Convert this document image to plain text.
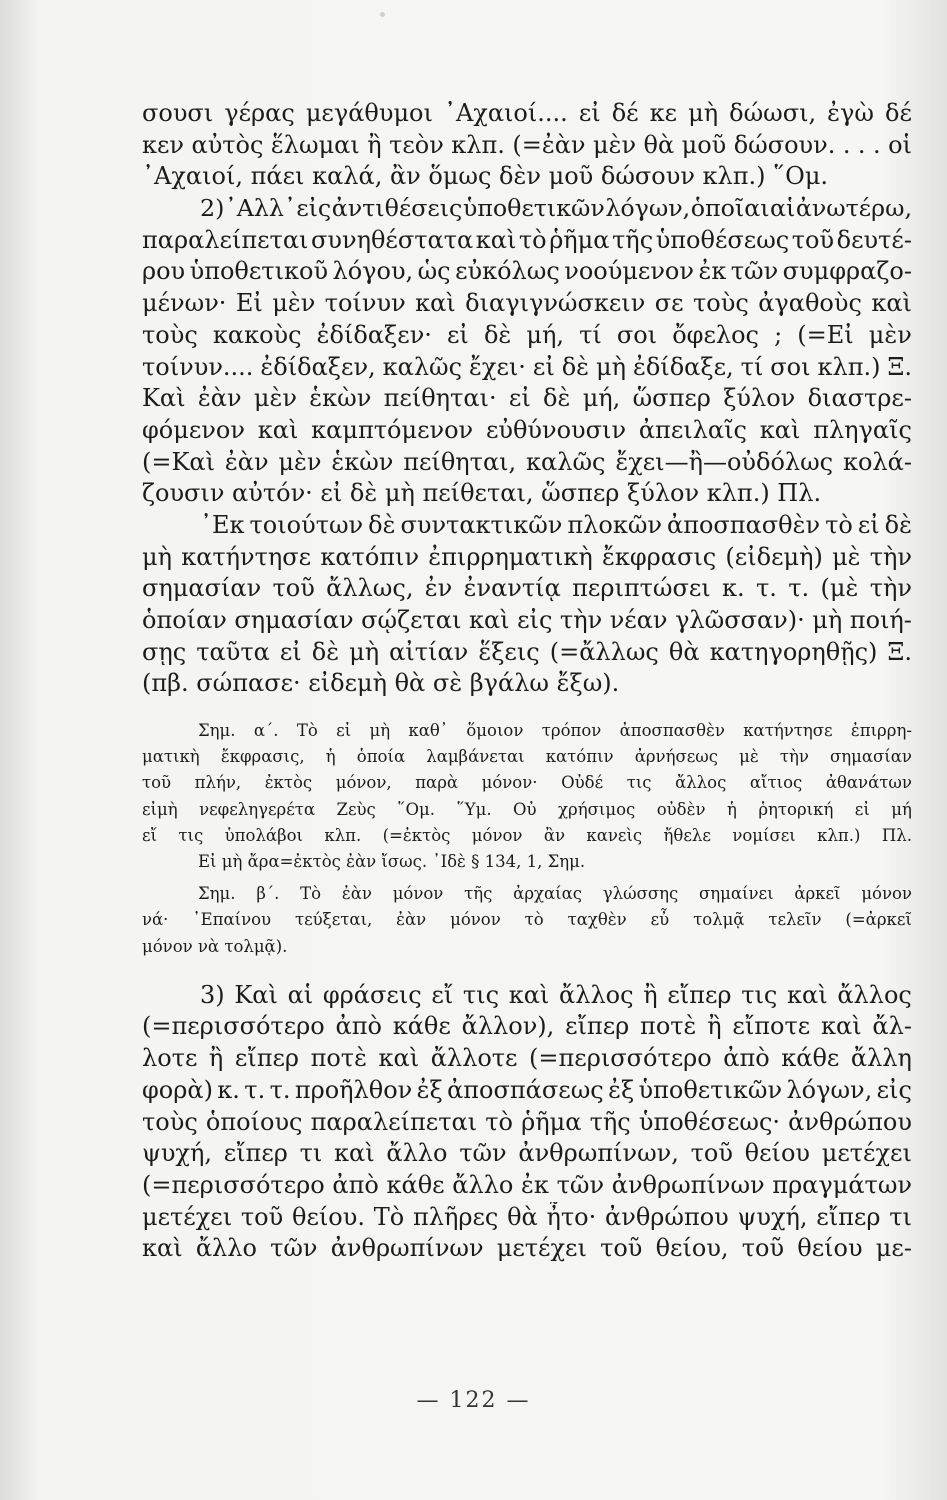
σουσι γέρας μεγάθυμοι ᾽Αχαιοί.... εἰ δέ κε μὴ δώωσι, ἐγὼ δέ
κεν αὐτὸς ἕλωμαι ἢ τεὸν κλπ. (=ἐὰν μὲν θὰ μοῦ δώσουν. . . . οἱ
᾽Αχαιοί, πάει καλά, ἂν ὅμως δὲν μοῦ δώσουν κλπ.) ῞Ομ.
2) ᾽Αλλ᾽ εἰς ἀντιθέσεις ὑποθετικῶν λόγων, ὁποῖαι αἱ ἀνωτέρω,
παραλείπεται συνηθέστατα καὶ τὸ ῥῆμα τῆς ὑποθέσεως τοῦ δευτέ-
ρου ὑποθετικοῦ λόγου, ὡς εὐκόλως νοούμενον ἐκ τῶν συμφραζο-
μένων· Εἰ μὲν τοίνυν καὶ διαγιγνώσκειν σε τοὺς ἀγαθοὺς καὶ
τοὺς κακοὺς ἐδίδαξεν· εἰ δὲ μή, τί σοι ὄφελος ; (=Εἰ μὲν
τοίνυν.... ἐδίδαξεν, καλῶς ἔχει· εἰ δὲ μὴ ἐδίδαξε, τί σοι κλπ.) Ξ.
Καὶ ἐὰν μὲν ἑκὼν πείθηται· εἰ δὲ μή, ὥσπερ ξύλον διαστρε-
φόμενον καὶ καμπτόμενον εὐθύνουσιν ἀπειλαῖς καὶ πληγαῖς
(=Καὶ ἐὰν μὲν ἑκὼν πείθηται, καλῶς ἔχει—ἢ—οὐδόλως κολά-
ζουσιν αὐτόν· εἰ δὲ μὴ πείθεται, ὥσπερ ξύλον κλπ.) Πλ.
᾽Εκ τοιούτων δὲ συντακτικῶν πλοκῶν ἀποσπασθὲν τὸ εἰ δὲ
μὴ κατήντησε κατόπιν ἐπιρρηματικὴ ἔκφρασις (εἰδεμὴ) μὲ τὴν
σημασίαν τοῦ ἄλλως, ἐν ἐναντίᾳ περιπτώσει κ. τ. τ. (μὲ τὴν
ὁποίαν σημασίαν σῴζεται καὶ εἰς τὴν νέαν γλῶσσαν)· μὴ ποιή-
σῃς ταῦτα εἰ δὲ μὴ αἰτίαν ἕξεις (=ἄλλως θὰ κατηγορηθῇς) Ξ.
(πβ. σώπασε· εἰδεμὴ θὰ σὲ βγάλω ἔξω).
Σημ. α΄. Τὸ εἰ μὴ καθ᾽ ὅμοιον τρόπον ἀποσπασθὲν κατήντησε ἐπιρρη-
ματικὴ ἔκφρασις, ἡ ὁποία λαμβάνεται κατόπιν ἀρνήσεως μὲ τὴν σημασίαν
τοῦ πλήν, ἐκτὸς μόνον, παρὰ μόνον· Οὐδέ τις ἄλλος αἴτιος ἀθανάτων
εἰμὴ νεφεληγερέτα Ζεὺς ῞Ομ. ῞Υμ. Οὐ χρήσιμος οὐδὲν ἡ ῥητορική εἰ μή
εἴ τις ὑπολάβοι κλπ. (=ἐκτὸς μόνον ἂν κανεὶς ἤθελε νομίσει κλπ.) Πλ.
Εἰ μὴ ἄρα=ἐκτὸς ἐὰν ἴσως. ᾽Ιδὲ § 134, 1, Σημ.
Σημ. β΄. Τὸ ἐὰν μόνον τῆς ἀρχαίας γλώσσης σημαίνει ἀρκεῖ μόνον
νά· ᾽Επαίνου τεύξεται, ἐὰν μόνον τὸ ταχθὲν εὖ τολμᾷ τελεῖν (=ἀρκεῖ
μόνον νὰ τολμᾷ).
3) Καὶ αἱ φράσεις εἴ τις καὶ ἄλλος ἢ εἴπερ τις καὶ ἄλλος
(=περισσότερο ἀπὸ κάθε ἄλλον), εἴπερ ποτὲ ἢ εἴποτε καὶ ἄλ-
λοτε ἢ εἴπερ ποτὲ καὶ ἄλλοτε (=περισσότερο ἀπὸ κάθε ἄλλη
φορὰ) κ. τ. τ. προῆλθον ἐξ ἀποσπάσεως ἐξ ὑποθετικῶν λόγων, εἰς
τοὺς ὁποίους παραλείπεται τὸ ῥῆμα τῆς ὑποθέσεως· ἀνθρώπου
ψυχή, εἴπερ τι καὶ ἄλλο τῶν ἀνθρωπίνων, τοῦ θείου μετέχει
(=περισσότερο ἀπὸ κάθε ἄλλο ἐκ τῶν ἀνθρωπίνων πραγμάτων
μετέχει τοῦ θείου. Τὸ πλῆρες θὰ ἦτο· ἀνθρώπου ψυχή, εἴπερ τι
καὶ ἄλλο τῶν ἀνθρωπίνων μετέχει τοῦ θείου, τοῦ θείου με-
— 122 —
